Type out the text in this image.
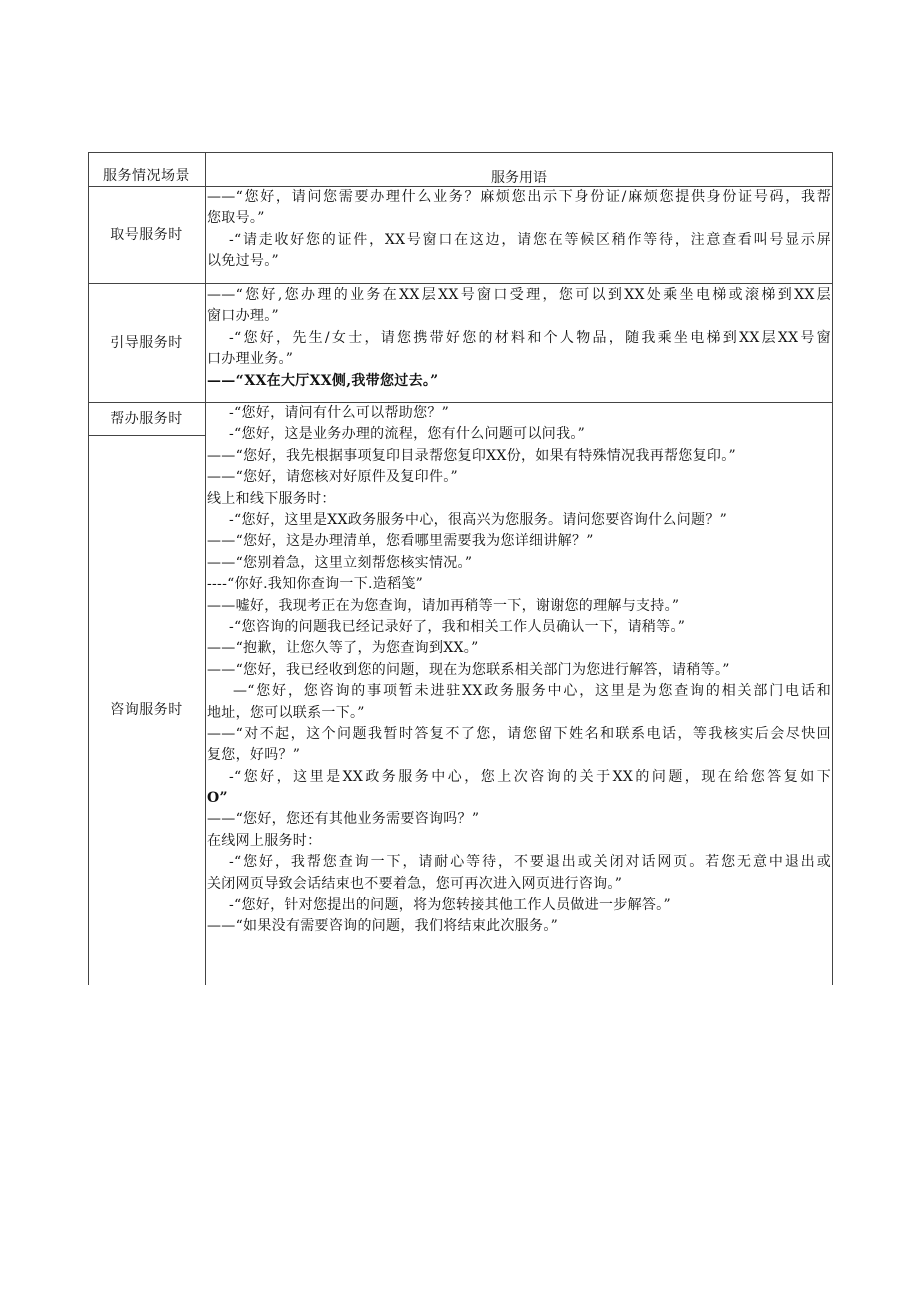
服务情况场景	服务用语
取号服务时
——“您好，请问您需要办理什么业务？麻烦您出示下身份证/麻烦您提供身份证号码，我帮
您取号。”
-“请走收好您的证件，XX号窗口在这边，请您在等候区稍作等待，注意查看叫号显示屏
以免过号。”
引导服务时
——“您好,您办理的业务在XX层XX号窗口受理，您可以到XX处乘坐电梯或滚梯到XX层
窗口办理。”
-“您好，先生/女士，请您携带好您的材料和个人物品，随我乘坐电梯到XX层XX号窗
口办理业务。”
——“XX在大厅XX侧,我带您过去。”
帮办服务时	-“您好，请问有什么可以帮助您？”
-“您好，这是业务办理的流程，您有什么问题可以问我。”
——“您好，我先根据事项复印目录帮您复印XX份，如果有特殊情况我再帮您复印。”
——“您好，请您核对好原件及复印件。”
咨询服务时
线上和线下服务时：
-“您好，这里是XX政务服务中心，很高兴为您服务。请问您要咨询什么问题？”
——“您好，这是办理清单，您看哪里需要我为您详细讲解？”
——“您别着急，这里立刻帮您核实情况。”
----“你好.我知你查询一下.造稻笺”
——嘘好，我现考正在为您查询，请加再稍等一下，谢谢您的理解与支持。”
-“您咨询的问题我已经记录好了，我和相关工作人员确认一下，请稍等。”
——“抱歉，让您久等了，为您查询到XX。”
——“您好，我已经收到您的问题，现在为您联系相关部门为您进行解答，请稍等。”
—“您好，您咨询的事项暂未进驻XX政务服务中心，这里是为您查询的相关部门电话和
地址，您可以联系一下。”
——“对不起，这个问题我暂时答复不了您，请您留下姓名和联系电话，等我核实后会尽快回
复您，好吗？”
-“您好，这里是XX政务服务中心，您上次咨询的关于XX的问题，现在给您答复如下
O”
——“您好，您还有其他业务需要咨询吗？”
在线网上服务时：
-“您好，我帮您查询一下，请耐心等待，不要退出或关闭对话网页。若您无意中退出或
关闭网页导致会话结束也不要着急，您可再次进入网页进行咨询。”
-“您好，针对您提出的问题，将为您转接其他工作人员做进一步解答。”
——“如果没有需要咨询的问题，我们将结束此次服务。”
